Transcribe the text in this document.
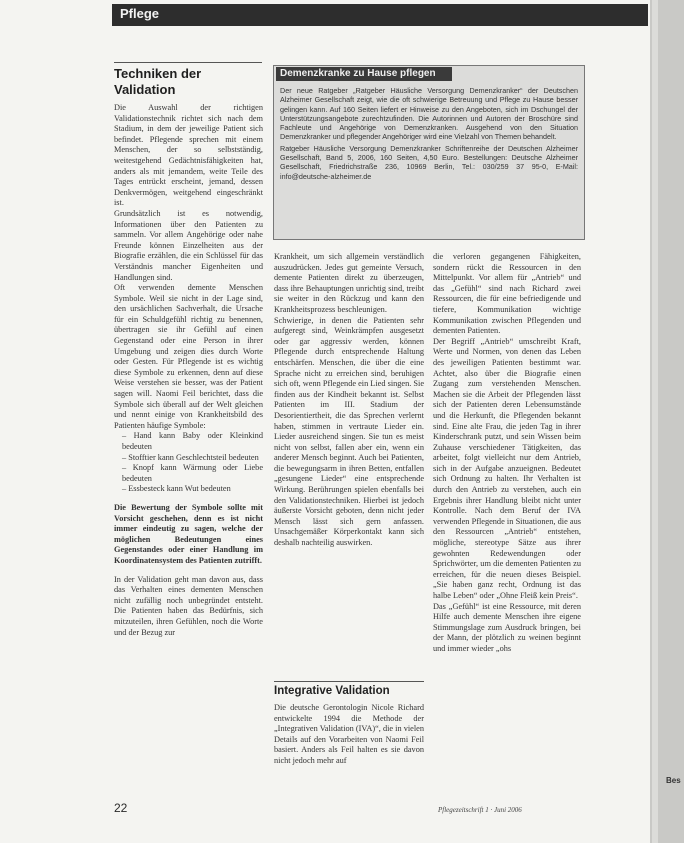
Bes
Pflege
Techniken der Validation

Die Auswahl der richtigen Validationstechnik richtet sich nach dem Stadium, in dem der jeweilige Patient sich befindet. Pflegende sprechen mit einem Menschen, der so selbstständig, weitestgehend Gedächtnisfähigkeiten hat, anders als mit jemandem, weite Teile des Tages entrückt erscheint, jemand, dessen Denkvermögen, weitgehend eingeschränkt ist.

Grundsätzlich ist es notwendig, Informationen über den Patienten zu sammeln. Vor allem Angehörige oder nahe Freunde können Einzelheiten aus der Biografie erzählen, die ein Schlüssel für das Verständnis mancher Eigenheiten und Handlungen sind.

Oft verwenden demente Menschen Symbole. Weil sie nicht in der Lage sind, den ursächlichen Sachverhalt, die Ursache für ein Schuldgefühl richtig zu benennen, übertragen sie ihr Gefühl auf einen Gegenstand oder eine Person in ihrer Umgebung und zeigen dies durch Worte oder Gesten. Für Pflegende ist es wichtig diese Symbole zu erkennen, denn auf diese Weise verstehen sie besser, was der Patient sagen will. Naomi Feil berichtet, dass die Symbole sich überall auf der Welt gleichen und nennt einige von Krankheitsbild des Patienten häufige Symbole:

– Hand kann Baby oder Kleinkind bedeuten
– Stofftier kann Geschlechtsteil bedeuten
– Knopf kann Wärmung oder Liebe bedeuten
– Essbesteck kann Wut bedeuten

Die Bewertung der Symbole sollte mit Vorsicht geschehen, denn es ist nicht immer eindeutig zu sagen, welche der möglichen Bedeutungen eines Gegenstandes oder einer Handlung im Koordinatensystem des Patienten zutrifft.

In der Validation geht man davon aus, dass das Verhalten eines dementen Menschen nicht zufällig noch unbegründet entsteht. Die Patienten haben das Bedürfnis, sich mitzuteilen, ihren Gefühlen, noch die Worte und der Bezug zur

Demenzkranke zu Hause pflegen

Der neue Ratgeber „Ratgeber Häusliche Versorgung Demenzkranker“ der Deutschen Alzheimer Gesellschaft zeigt, wie die oft schwierige Betreuung und Pflege zu Hause besser gelingen kann. Auf 160 Seiten liefert er Hinweise zu den Angeboten, sich im Dschungel der Unterstützungsangebote zurechtzufinden. Die Autorinnen und Autoren der Broschüre sind Fachleute und Angehörige von Demenzkranken. Ausgehend von den Situation Demenzkranker und pflegender Angehöriger wird eine Vielzahl von Themen behandelt.

Ratgeber Häusliche Versorgung Demenzkranker Schriftenreihe der Deutschen Alzheimer Gesellschaft, Band 5, 2006, 160 Seiten, 4,50 Euro. Bestellungen: Deutsche Alzheimer Gesellschaft, Friedrichstraße 236, 10969 Berlin, Tel.: 030/259 37 95-0, E-Mail: info@deutsche-alzheimer.de

Krankheit, um sich allgemein verständlich auszudrücken. Jedes gut gemeinte Versuch, demente Patienten direkt zu überzeugen, dass ihre Behauptungen unrichtig sind, treibt sie weiter in den Rückzug und kann den Krankheitsprozess beschleunigen.

Schwierige, in denen die Patienten sehr aufgeregt sind, Weinkrämpfen ausgesetzt oder gar aggressiv werden, können Pflegende durch entsprechende Haltung entschärfen. Menschen, die über die eine Sprache nicht zu erreichen sind, beruhigen sich oft, wenn Pflegende ein Lied singen. Sie finden aus der Kindheit bekannt ist. Selbst Patienten im III. Stadium der Desorientiertheit, die das Sprechen verlernt haben, stimmen in vertraute Lieder ein. Lieder ausreichend singen. Sie tun es meist nicht von selbst, fallen aber ein, wenn ein anderer Mensch beginnt. Auch bei Patienten, die bewegungsarm in ihren Betten, entfallen „gesungene Lieder“ eine entsprechende Wirkung. Berührungen spielen ebenfalls bei den Validationstechniken. Hierbei ist jedoch äußerste Vorsicht geboten, denn nicht jeder Mensch lässt sich gern anfassen. Unsachgemäßer Körperkontakt kann sich deshalb nachteilig auswirken.

Integrative Validation

Die deutsche Gerontologin Nicole Richard entwickelte 1994 die Methode der „Integrativen Validation (IVA)“, die in vielen Details auf den Vorarbeiten von Naomi Feil basiert. Anders als Feil halten es sie davon nicht jedoch mehr auf

die verloren gegangenen Fähigkeiten, sondern rückt die Ressourcen in den Mittelpunkt. Vor allem für „Antrieb“ und das „Gefühl“ sind nach Richard zwei Ressourcen, die für eine befriedigende und tiefere, Kommunikation wichtige Kommunikation zwischen Pflegenden und dementen Patienten.

Der Begriff „Antrieb“ umschreibt Kraft, Werte und Normen, von denen das Leben des jeweiligen Patienten bestimmt war. Achtet, also über die Biografie einen Zugang zum verstehenden Menschen. Machen sie die Arbeit der Pflegenden lässt sich der Patienten deren Lebensumstände und die Herkunft, die Pflegenden bekannt sind. Eine alte Frau, die jeden Tag in ihrer Kinderschrank putzt, und sein Wissen beim Zuhause verschiedener Tätigkeiten, das arbeitet, folgt vielleicht nur dem Antrieb, sich in der Aufgabe anzueignen. Bedeutet sich Ordnung zu halten. Ihr Verhalten ist durch den Antrieb zu verstehen, auch ein Ergebnis ihrer Handlung bleibt nicht unter Kontrolle. Nach dem Beruf der IVA verwenden Pflegende in Situationen, die aus den Ressourcen „Antrieb“ entstehen, mögliche, stereotype Sätze aus ihrer gewohnten Redewendungen oder Sprichwörter, um die dementen Patienten zu erreichen, für die neuen dieses Beispiel. „Sie haben ganz recht, Ordnung ist das halbe Leben“ oder „Ohne Fleiß kein Preis“.

Das „Gefühl“ ist eine Ressource, mit deren Hilfe auch demente Menschen ihre eigene Stimmungslage zum Ausdruck bringen, bei der Mann, der plötzlich zu weinen beginnt und immer wieder „ohs

22	Pflegezeitschrift 1 · Juni 2006
